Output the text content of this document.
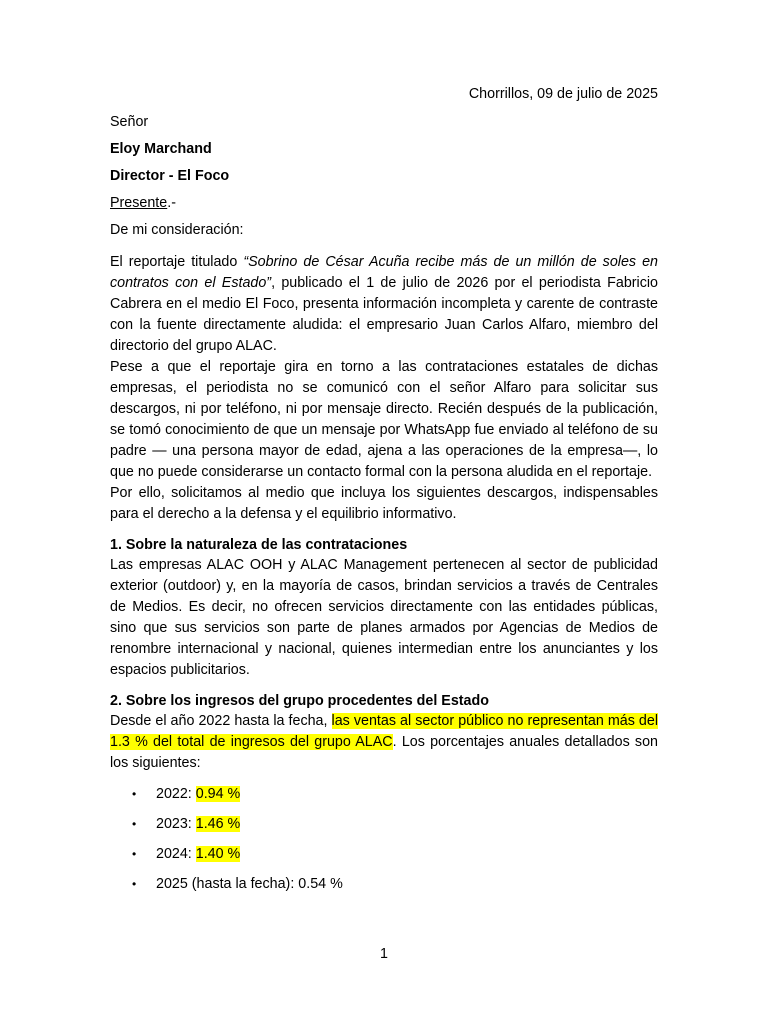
Chorrillos, 09 de julio de 2025

Señor

Eloy Marchand

Director - El Foco

Presente.-

De mi consideración:

El reportaje titulado “Sobrino de César Acuña recibe más de un millón de soles en contratos con el Estado”, publicado el 1 de julio de 2026 por el periodista Fabricio Cabrera en el medio El Foco, presenta información incompleta y carente de contraste con la fuente directamente aludida: el empresario Juan Carlos Alfaro, miembro del directorio del grupo ALAC.

Pese a que el reportaje gira en torno a las contrataciones estatales de dichas empresas, el periodista no se comunicó con el señor Alfaro para solicitar sus descargos, ni por teléfono, ni por mensaje directo. Recién después de la publicación, se tomó conocimiento de que un mensaje por WhatsApp fue enviado al teléfono de su padre — una persona mayor de edad, ajena a las operaciones de la empresa—, lo que no puede considerarse un contacto formal con la persona aludida en el reportaje.

Por ello, solicitamos al medio que incluya los siguientes descargos, indispensables para el derecho a la defensa y el equilibrio informativo.

1. Sobre la naturaleza de las contrataciones

Las empresas ALAC OOH y ALAC Management pertenecen al sector de publicidad exterior (outdoor) y, en la mayoría de casos, brindan servicios a través de Centrales de Medios. Es decir, no ofrecen servicios directamente con las entidades públicas, sino que sus servicios son parte de planes armados por Agencias de Medios de renombre internacional y nacional, quienes intermedian entre los anunciantes y los espacios publicitarios.

2. Sobre los ingresos del grupo procedentes del Estado

Desde el año 2022 hasta la fecha, las ventas al sector público no representan más del 1.3 % del total de ingresos del grupo ALAC. Los porcentajes anuales detallados son los siguientes:

• 2022: 0.94 %
• 2023: 1.46 %
• 2024: 1.40 %
• 2025 (hasta la fecha): 0.54 %
1
